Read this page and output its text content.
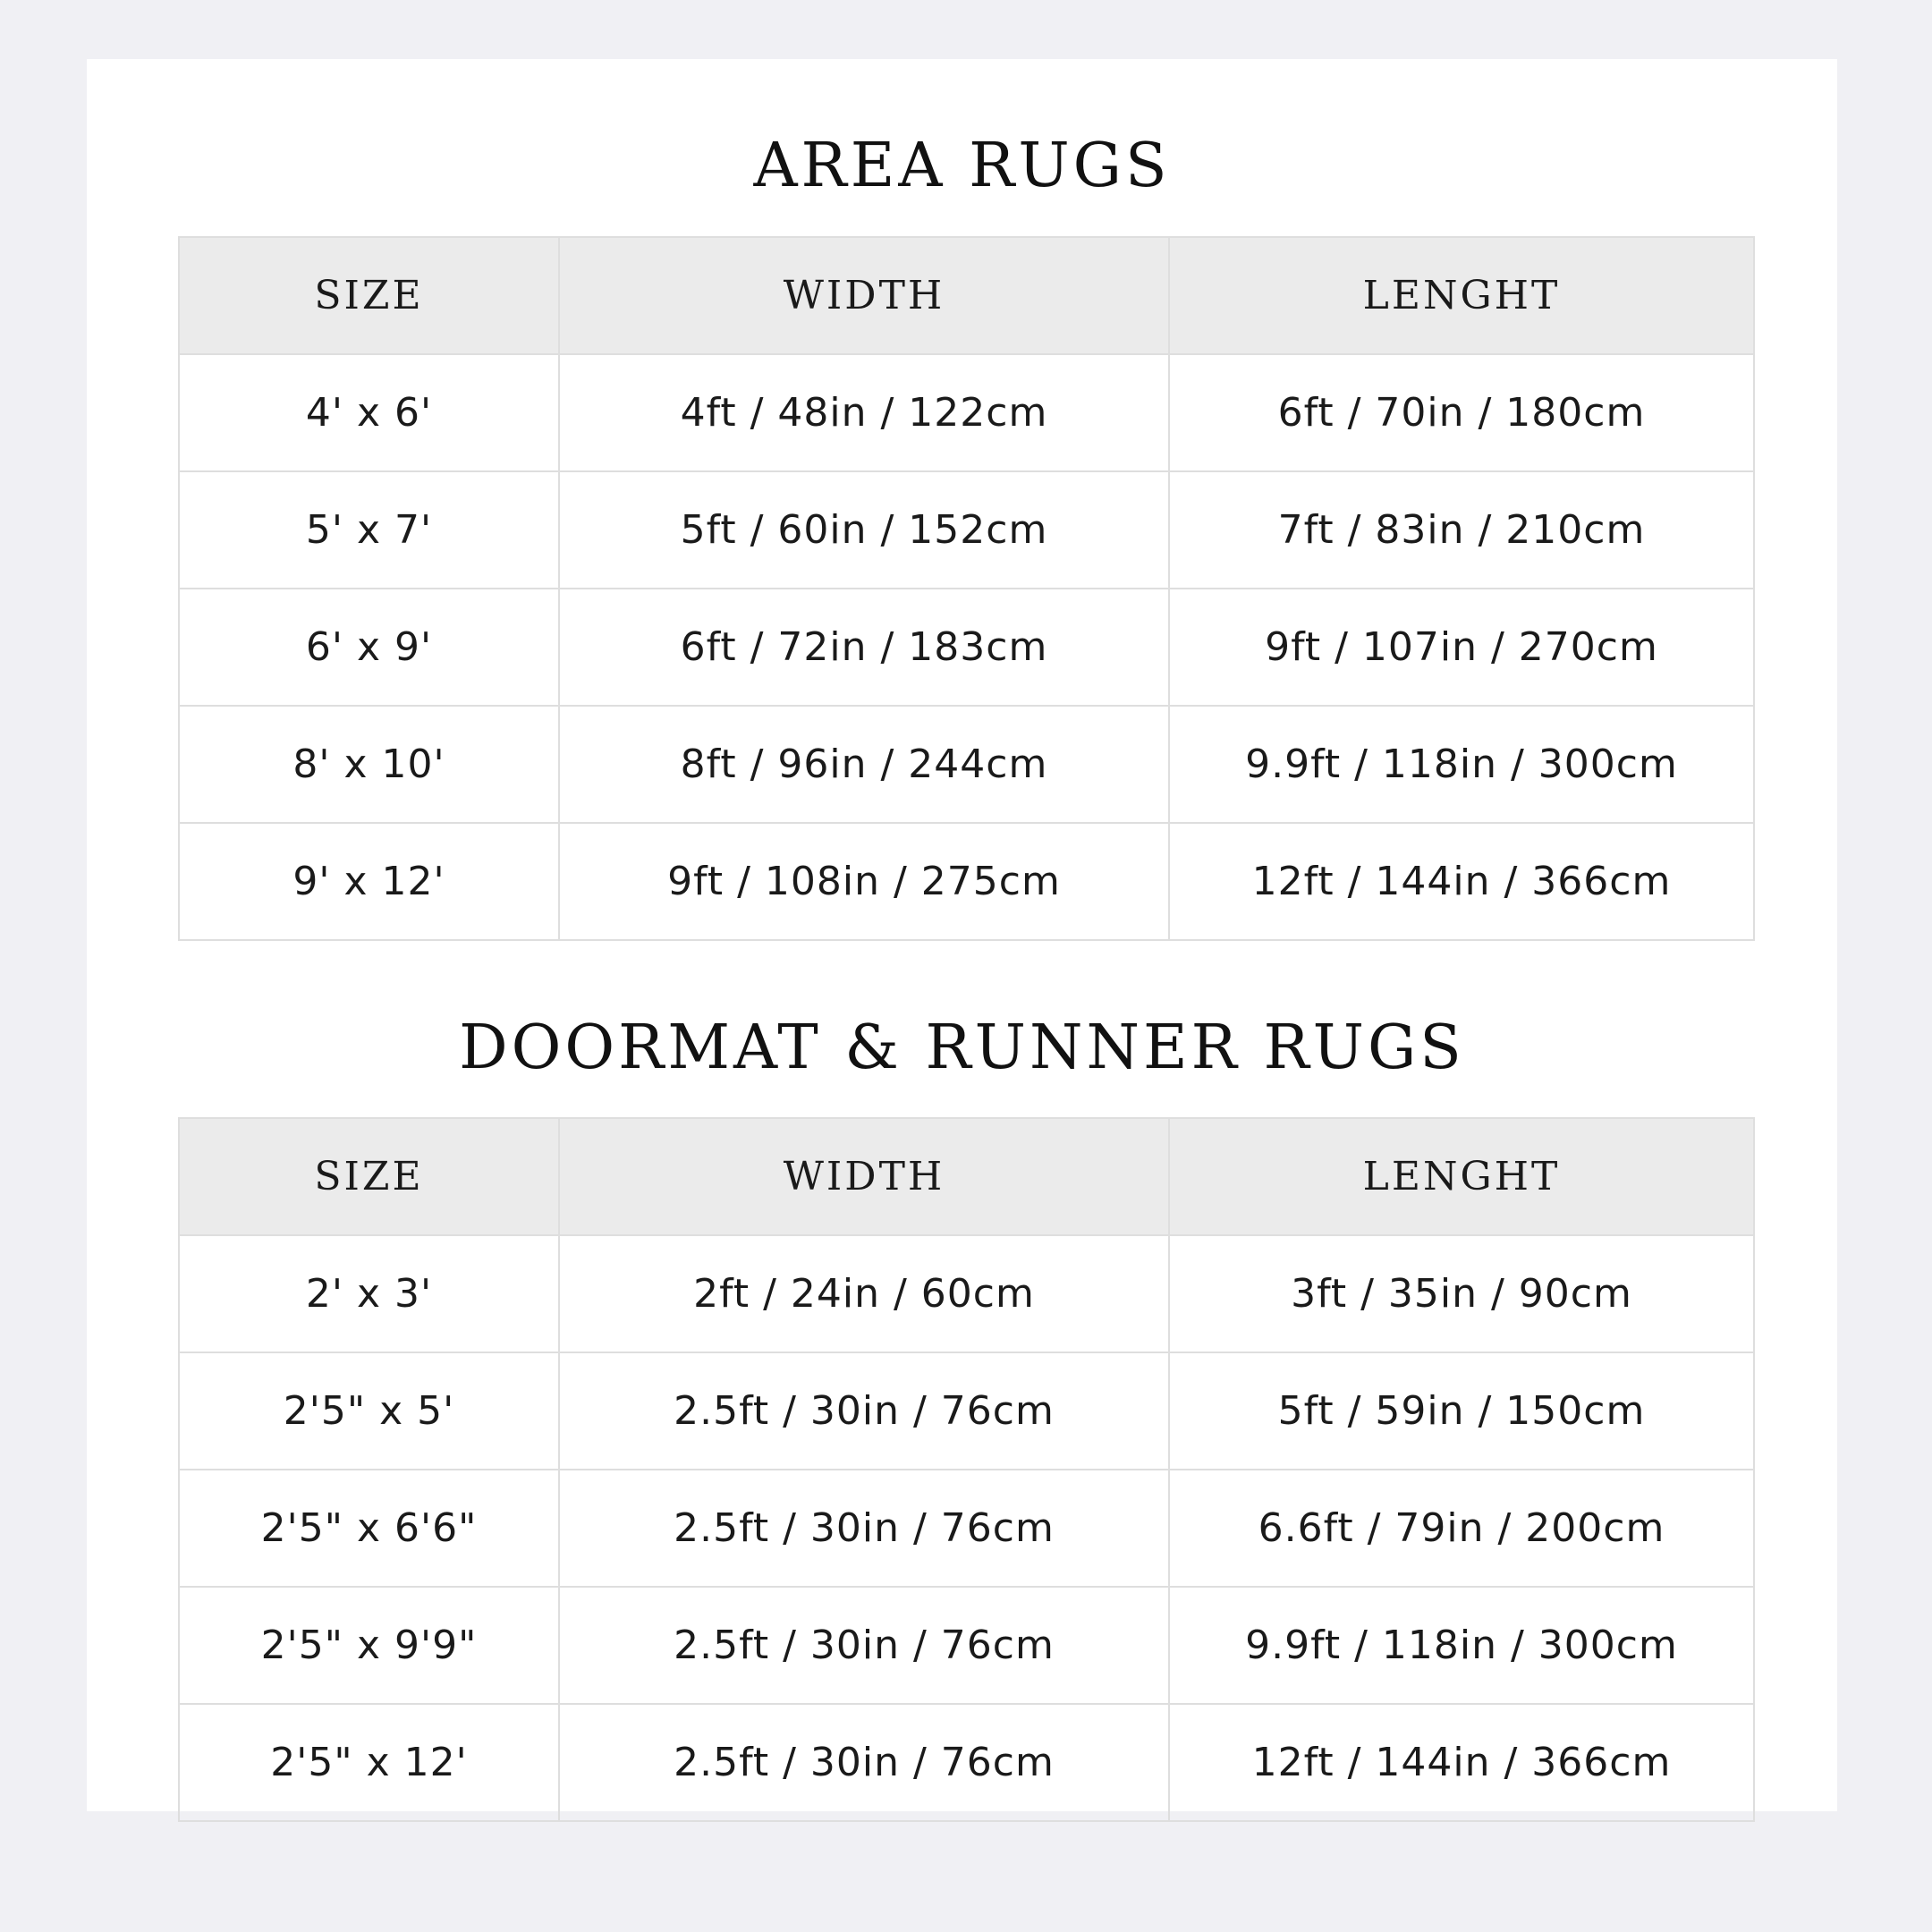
AREA RUGS
SIZE	WIDTH	LENGHT
4' x 6'	4ft / 48in / 122cm	6ft / 70in / 180cm
5' x 7'	5ft / 60in / 152cm	7ft / 83in / 210cm
6' x 9'	6ft / 72in / 183cm	9ft / 107in / 270cm
8' x 10'	8ft / 96in / 244cm	9.9ft / 118in / 300cm
9' x 12'	9ft / 108in / 275cm	12ft / 144in / 366cm
DOORMAT & RUNNER RUGS
SIZE	WIDTH	LENGHT
2' x 3'	2ft / 24in / 60cm	3ft / 35in / 90cm
2'5" x 5'	2.5ft / 30in / 76cm	5ft / 59in / 150cm
2'5" x 6'6"	2.5ft / 30in / 76cm	6.6ft / 79in / 200cm
2'5" x 9'9"	2.5ft / 30in / 76cm	9.9ft / 118in / 300cm
2'5" x 12'	2.5ft / 30in / 76cm	12ft / 144in / 366cm
